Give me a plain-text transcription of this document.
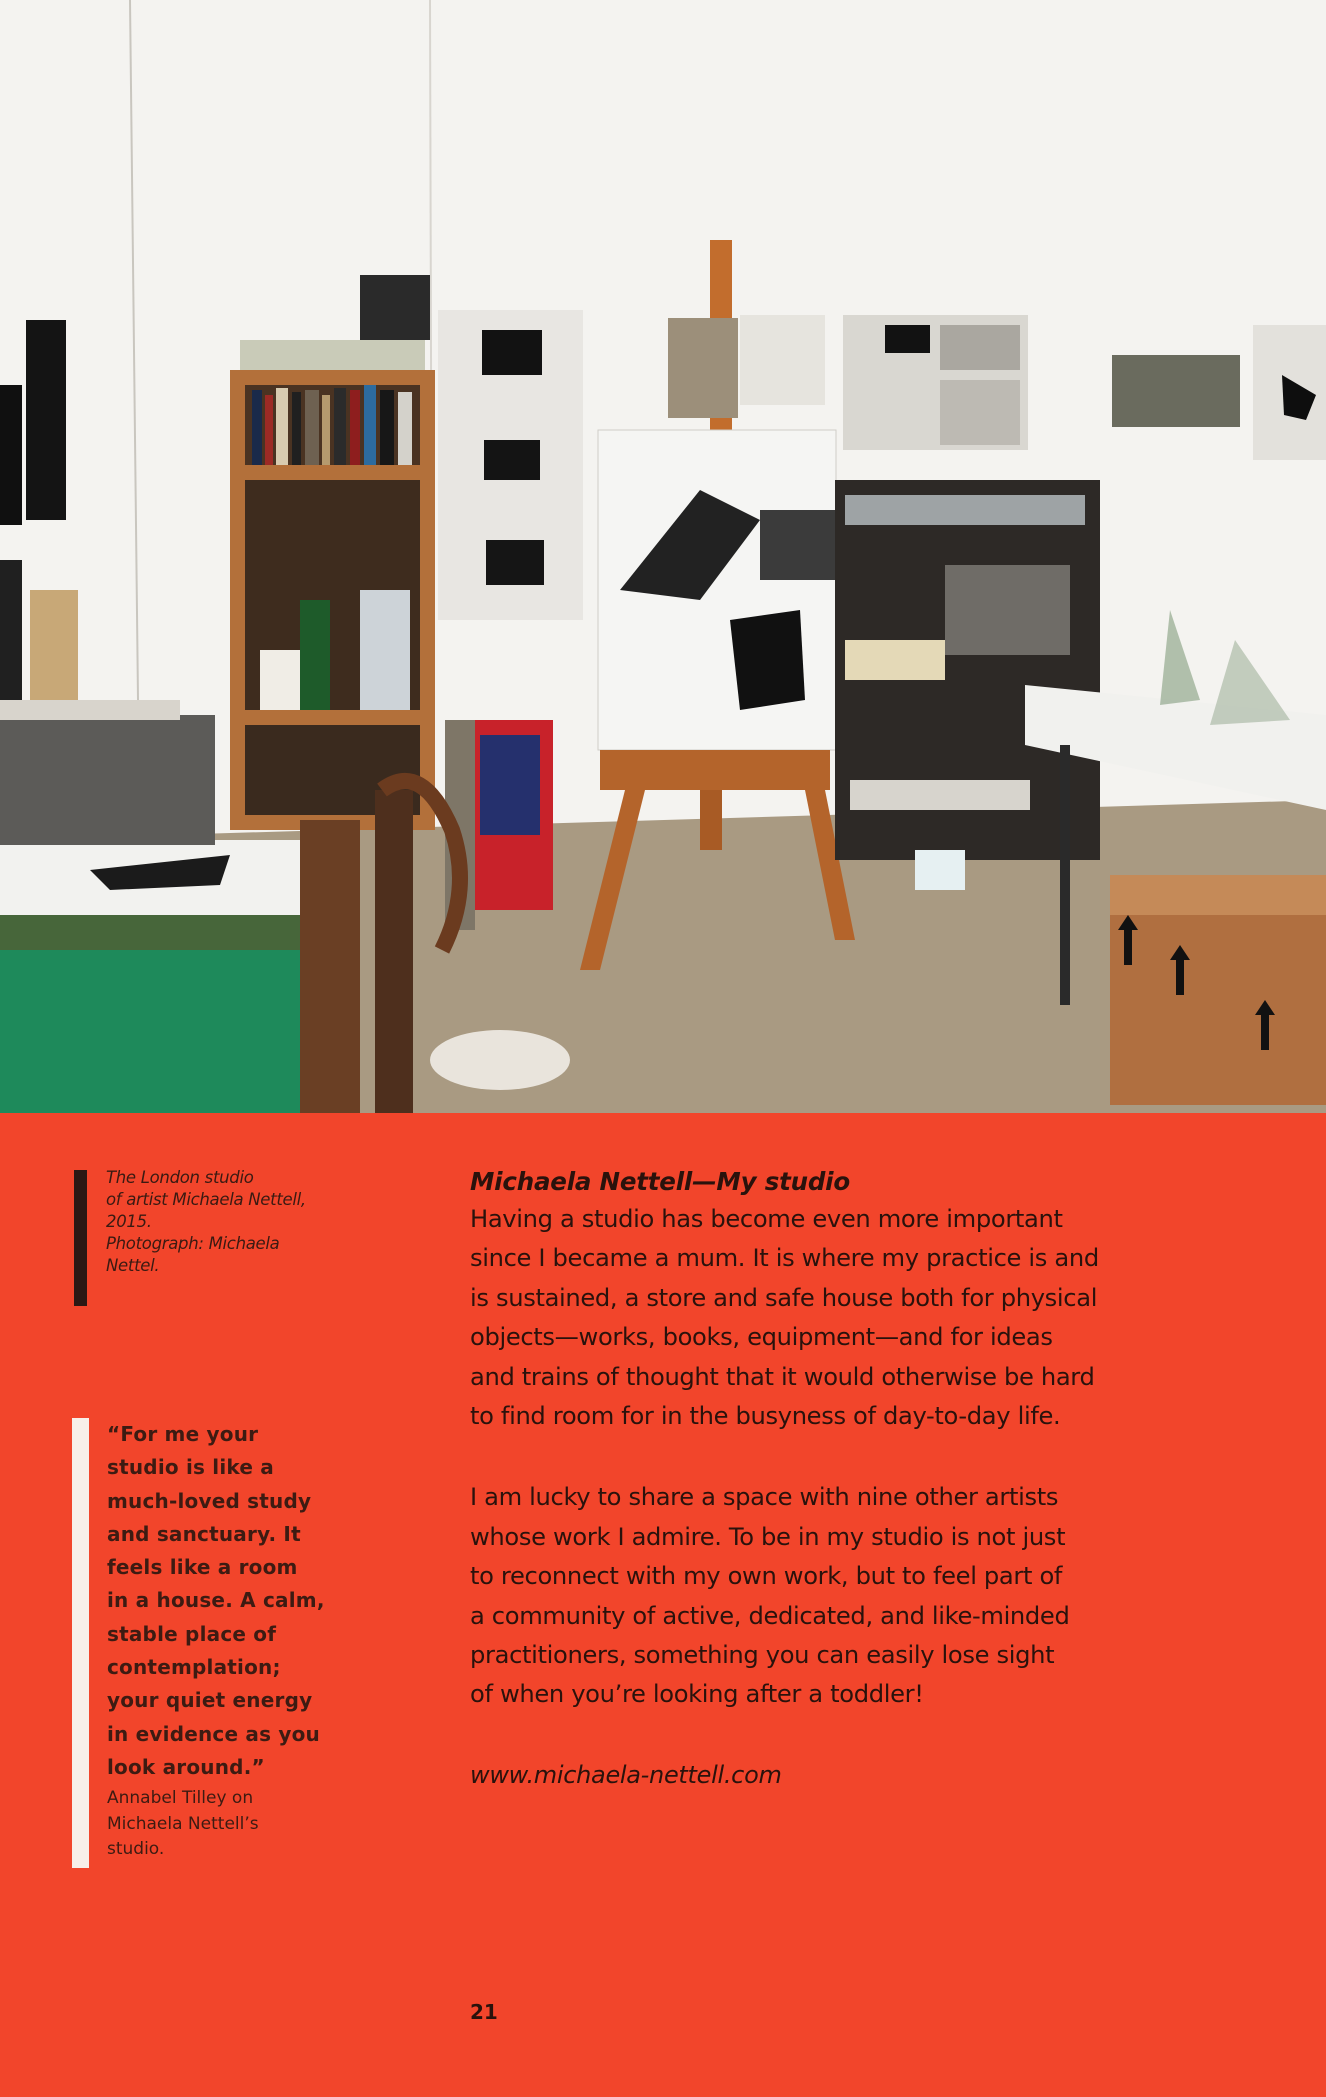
The London studio
of artist Michaela Nettell,
2015.
Photograph: Michaela
Nettel.
“For me your
studio is like a
much-loved study
and sanctuary. It
feels like a room
in a house. A calm,
stable place of
contemplation;
your quiet energy
in evidence as you
look around.”
Annabel Tilley on
Michaela Nettell’s
studio.
Michaela Nettell—My studio
Having a studio has become even more important
since I became a mum. It is where my practice is and
is sustained, a store and safe house both for physical
objects—works, books, equipment—and for ideas
and trains of thought that it would otherwise be hard
to find room for in the busyness of day-to-day life.
I am lucky to share a space with nine other artists
whose work I admire. To be in my studio is not just
to reconnect with my own work, but to feel part of
a community of active, dedicated, and like-minded
practitioners, something you can easily lose sight
of when you’re looking after a toddler!
www.michaela-nettell.com
21
